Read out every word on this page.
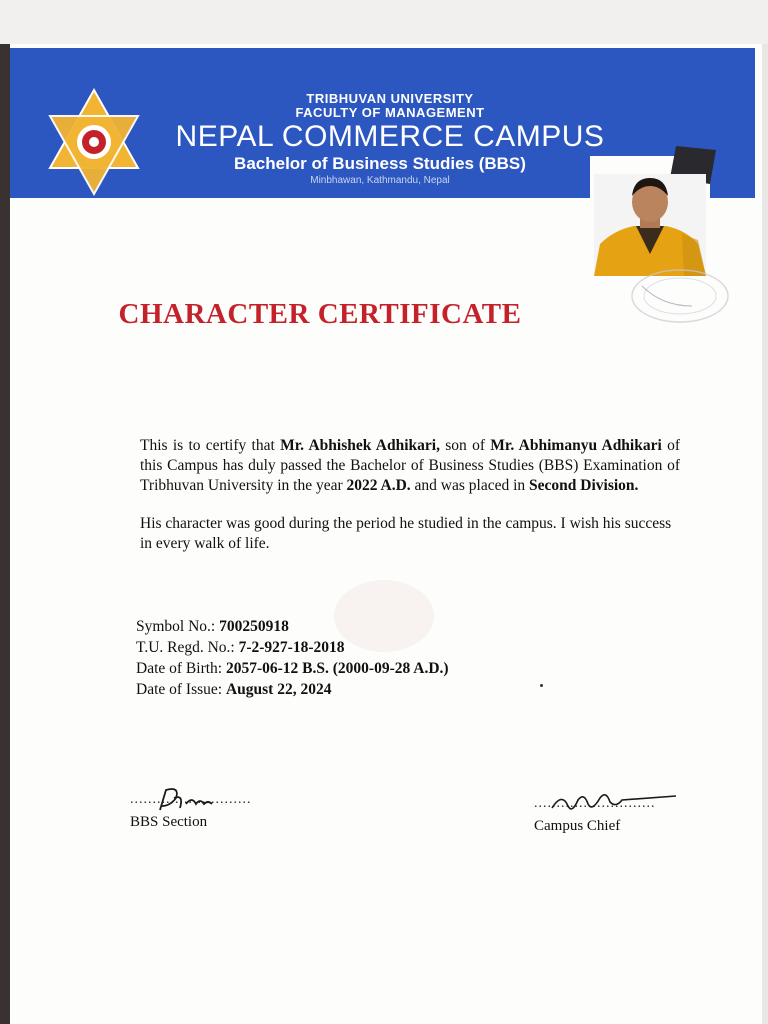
TRIBHUVAN UNIVERSITY
FACULTY OF MANAGEMENT
NEPAL COMMERCE CAMPUS
Bachelor of Business Studies (BBS)
Minbhawan, Kathmandu, Nepal
CHARACTER CERTIFICATE

This is to certify that Mr. Abhishek Adhikari, son of Mr. Abhimanyu Adhikari of this Campus has duly passed the Bachelor of Business Studies (BBS) Examination of Tribhuvan University in the year 2022 A.D. and was placed in Second Division.

His character was good during the period he studied in the campus. I wish his success in every walk of life.

Symbol No.: 700250918
T.U. Regd. No.: 7-2-927-18-2018
Date of Birth: 2057-06-12 B.S. (2000-09-28 A.D.)
Date of Issue: August 22, 2024
...........................
BBS Section
...........................
Campus Chief
